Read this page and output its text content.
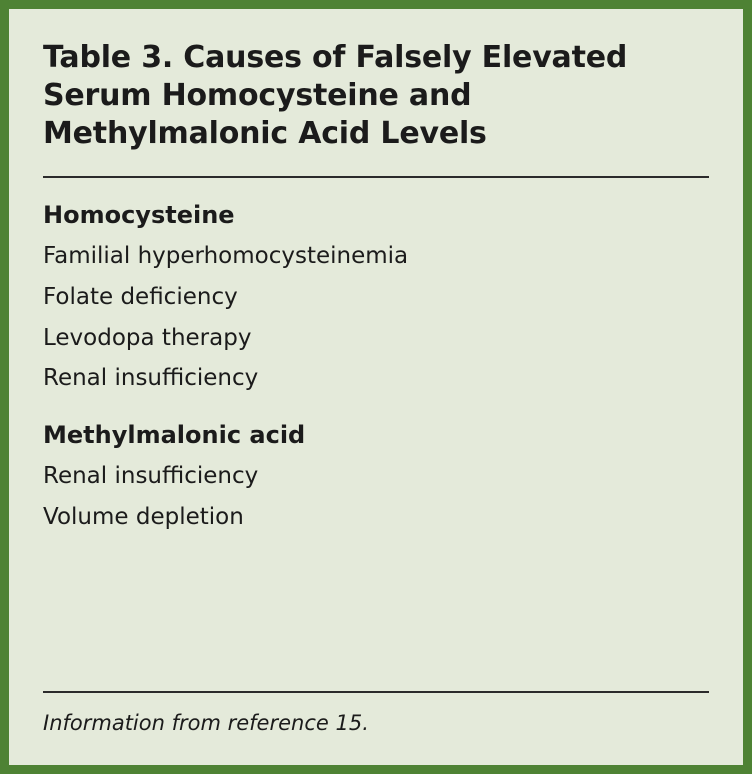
Table 3. Causes of Falsely Elevated Serum Homocysteine and Methylmalonic Acid Levels
Homocysteine
Familial hyperhomocysteinemia
Folate deficiency
Levodopa therapy
Renal insufficiency
Methylmalonic acid
Renal insufficiency
Volume depletion
Information from reference 15.
